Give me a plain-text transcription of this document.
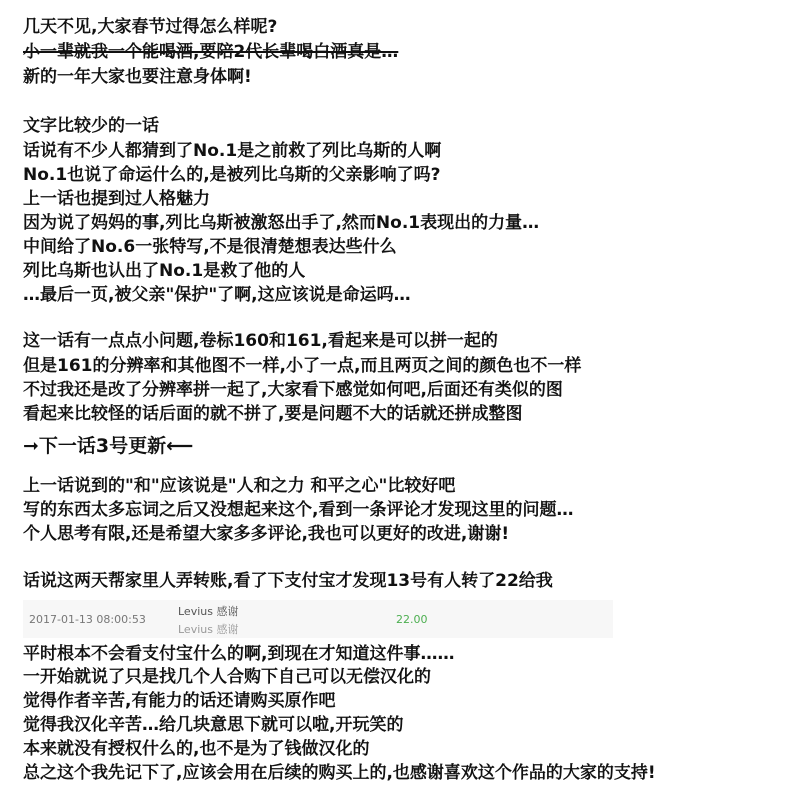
几天不见,大家春节过得怎么样呢?
小一辈就我一个能喝酒,要陪2代长辈喝白酒真是…
新的一年大家也要注意身体啊!
文字比较少的一话
话说有不少人都猜到了No.1是之前救了列比乌斯的人啊
No.1也说了命运什么的,是被列比乌斯的父亲影响了吗?
上一话也提到过人格魅力
因为说了妈妈的事,列比乌斯被激怒出手了,然而No.1表现出的力量…
中间给了No.6一张特写,不是很清楚想表达些什么
列比乌斯也认出了No.1是救了他的人
…最后一页,被父亲"保护"了啊,这应该说是命运吗…
这一话有一点点小问题,卷标160和161,看起来是可以拼一起的
但是161的分辨率和其他图不一样,小了一点,而且两页之间的颜色也不一样
不过我还是改了分辨率拼一起了,大家看下感觉如何吧,后面还有类似的图
看起来比较怪的话后面的就不拼了,要是问题不大的话就还拼成整图
➞下一话3号更新⟵
上一话说到的"和"应该说是"人和之力 和平之心"比较好吧
写的东西太多忘词之后又没想起来这个,看到一条评论才发现这里的问题…
个人思考有限,还是希望大家多多评论,我也可以更好的改进,谢谢!
话说这两天帮家里人弄转账,看了下支付宝才发现13号有人转了22给我
2017-01-13 08:00:53
Levius 感谢
Levius 感谢
22.00
平时根本不会看支付宝什么的啊,到现在才知道这件事……
一开始就说了只是找几个人合购下自己可以无偿汉化的
觉得作者辛苦,有能力的话还请购买原作吧
觉得我汉化辛苦…给几块意思下就可以啦,开玩笑的
本来就没有授权什么的,也不是为了钱做汉化的
总之这个我先记下了,应该会用在后续的购买上的,也感谢喜欢这个作品的大家的支持!
